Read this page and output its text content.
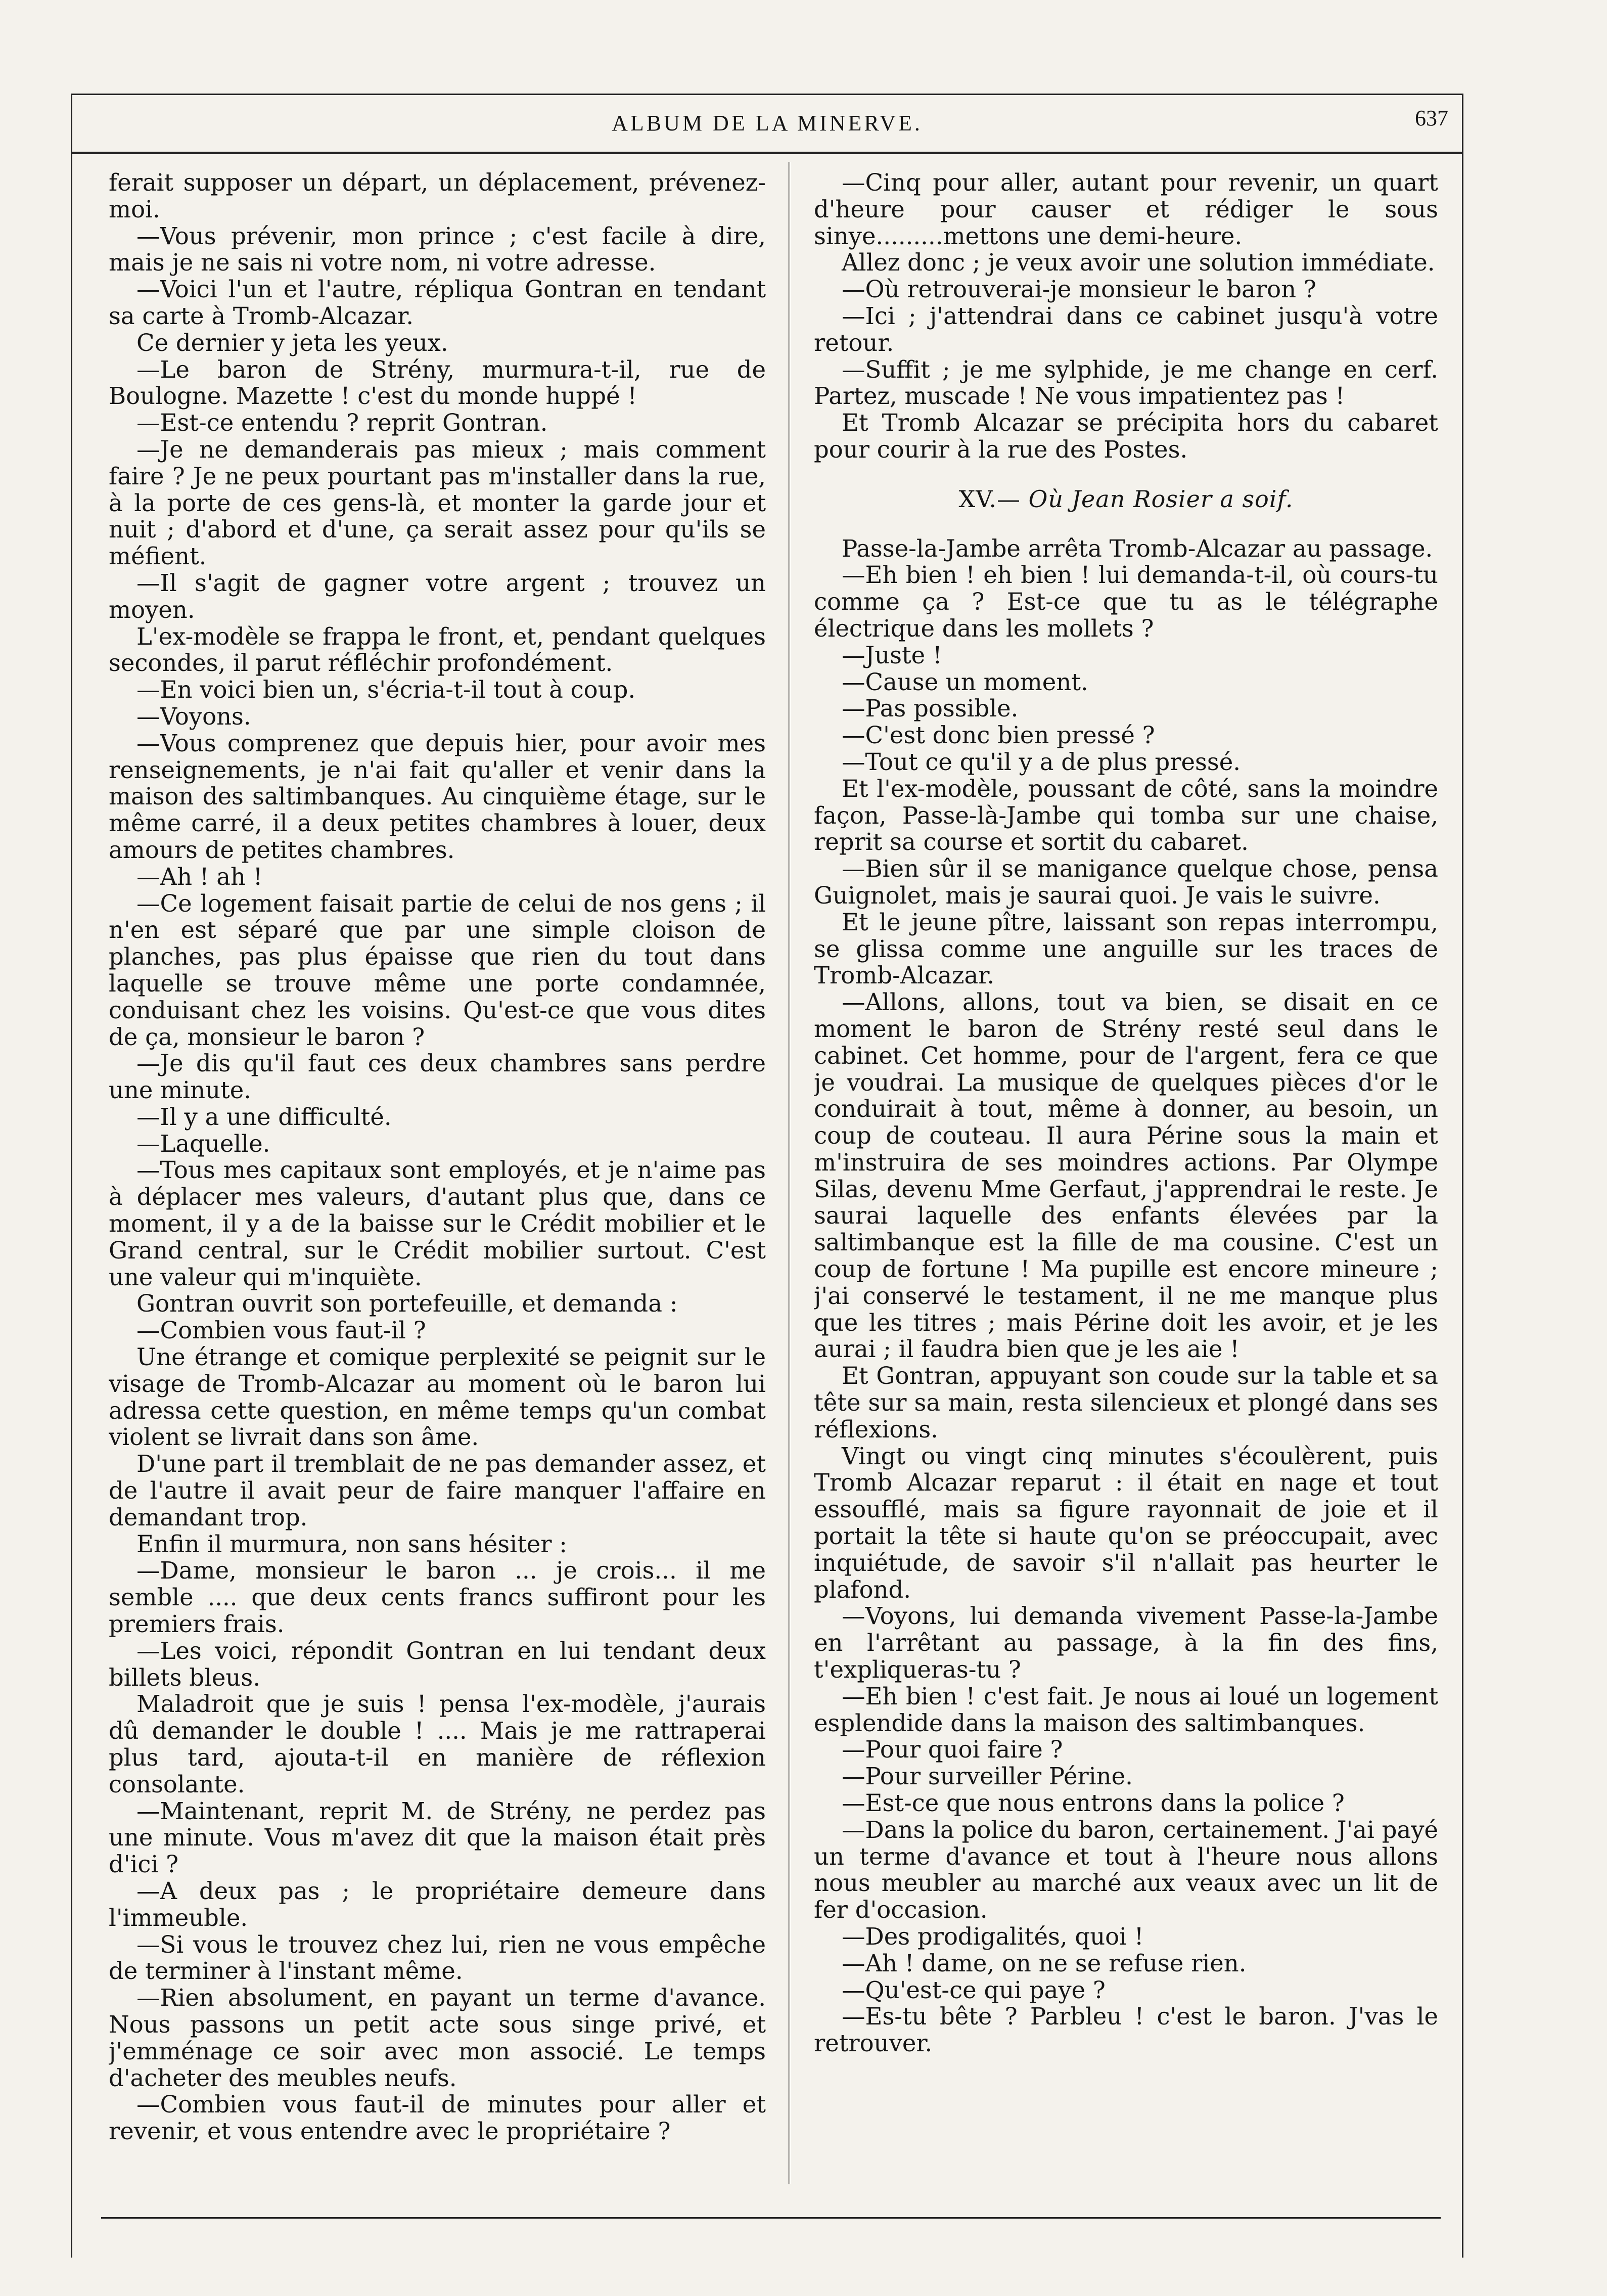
ALBUM DE LA MINERVE.	637

ferait supposer un départ, un déplacement, prévenez-moi.

—Vous prévenir, mon prince ; c'est facile à dire, mais je ne sais ni votre nom, ni votre adresse.

—Voici l'un et l'autre, répliqua Gontran en tendant sa carte à Tromb-Alcazar.

Ce dernier y jeta les yeux.

—Le baron de Strény, murmura-t-il, rue de Boulogne. Mazette ! c'est du monde huppé !

—Est-ce entendu ? reprit Gontran.

—Je ne demanderais pas mieux ; mais comment faire ? Je ne peux pourtant pas m'installer dans la rue, à la porte de ces gens-là, et monter la garde jour et nuit ; d'abord et d'une, ça serait assez pour qu'ils se méfient.

—Il s'agit de gagner votre argent ; trouvez un moyen.

L'ex-modèle se frappa le front, et, pendant quelques secondes, il parut réfléchir profondément.

—En voici bien un, s'écria-t-il tout à coup.

—Voyons.

—Vous comprenez que depuis hier, pour avoir mes renseignements, je n'ai fait qu'aller et venir dans la maison des saltimbanques. Au cinquième étage, sur le même carré, il a deux petites chambres à louer, deux amours de petites chambres.

—Ah ! ah !

—Ce logement faisait partie de celui de nos gens ; il n'en est séparé que par une simple cloison de planches, pas plus épaisse que rien du tout dans laquelle se trouve même une porte condamnée, conduisant chez les voisins. Qu'est-ce que vous dites de ça, monsieur le baron ?

—Je dis qu'il faut ces deux chambres sans perdre une minute.

—Il y a une difficulté.

—Laquelle.

—Tous mes capitaux sont employés, et je n'aime pas à déplacer mes valeurs, d'autant plus que, dans ce moment, il y a de la baisse sur le Crédit mobilier et le Grand central, sur le Crédit mobilier surtout. C'est une valeur qui m'inquiète.

Gontran ouvrit son portefeuille, et demanda :

—Combien vous faut-il ?

Une étrange et comique perplexité se peignit sur le visage de Tromb-Alcazar au moment où le baron lui adressa cette question, en même temps qu'un combat violent se livrait dans son âme.

D'une part il tremblait de ne pas demander assez, et de l'autre il avait peur de faire manquer l'affaire en demandant trop.

Enfin il murmura, non sans hésiter :

—Dame, monsieur le baron ... je crois... il me semble .... que deux cents francs suffiront pour les premiers frais.

—Les voici, répondit Gontran en lui tendant deux billets bleus.

Maladroit que je suis ! pensa l'ex-modèle, j'aurais dû demander le double ! .... Mais je me rattraperai plus tard, ajouta-t-il en manière de réflexion consolante.

—Maintenant, reprit M. de Strény, ne perdez pas une minute. Vous m'avez dit que la maison était près d'ici ?

—A deux pas ; le propriétaire demeure dans l'immeuble.

—Si vous le trouvez chez lui, rien ne vous empêche de terminer à l'instant même.

—Rien absolument, en payant un terme d'avance. Nous passons un petit acte sous singe privé, et j'emménage ce soir avec mon associé. Le temps d'acheter des meubles neufs.

—Combien vous faut-il de minutes pour aller et revenir, et vous entendre avec le propriétaire ?

—Cinq pour aller, autant pour revenir, un quart d'heure pour causer et rédiger le sous sinye.........mettons une demi-heure.

Allez donc ; je veux avoir une solution immédiate.

—Où retrouverai-je monsieur le baron ?

—Ici ; j'attendrai dans ce cabinet jusqu'à votre retour.

—Suffit ; je me sylphide, je me change en cerf. Partez, muscade ! Ne vous impatientez pas !

Et Tromb Alcazar se précipita hors du cabaret pour courir à la rue des Postes.

XV.— Où Jean Rosier a soif.

Passe-la-Jambe arrêta Tromb-Alcazar au passage.

—Eh bien ! eh bien ! lui demanda-t-il, où cours-tu comme ça ? Est-ce que tu as le télégraphe électrique dans les mollets ?

—Juste !

—Cause un moment.

—Pas possible.

—C'est donc bien pressé ?

—Tout ce qu'il y a de plus pressé.

Et l'ex-modèle, poussant de côté, sans la moindre façon, Passe-là-Jambe qui tomba sur une chaise, reprit sa course et sortit du cabaret.

—Bien sûr il se manigance quelque chose, pensa Guignolet, mais je saurai quoi. Je vais le suivre.

Et le jeune pître, laissant son repas interrompu, se glissa comme une anguille sur les traces de Tromb-Alcazar.

—Allons, allons, tout va bien, se disait en ce moment le baron de Strény resté seul dans le cabinet. Cet homme, pour de l'argent, fera ce que je voudrai. La musique de quelques pièces d'or le conduirait à tout, même à donner, au besoin, un coup de couteau. Il aura Périne sous la main et m'instruira de ses moindres actions. Par Olympe Silas, devenu Mme Gerfaut, j'apprendrai le reste. Je saurai laquelle des enfants élevées par la saltimbanque est la fille de ma cousine. C'est un coup de fortune ! Ma pupille est encore mineure ; j'ai conservé le testament, il ne me manque plus que les titres ; mais Périne doit les avoir, et je les aurai ; il faudra bien que je les aie !

Et Gontran, appuyant son coude sur la table et sa tête sur sa main, resta silencieux et plongé dans ses réflexions.

Vingt ou vingt cinq minutes s'écoulèrent, puis Tromb Alcazar reparut : il était en nage et tout essoufflé, mais sa figure rayonnait de joie et il portait la tête si haute qu'on se préoccupait, avec inquiétude, de savoir s'il n'allait pas heurter le plafond.

—Voyons, lui demanda vivement Passe-la-Jambe en l'arrêtant au passage, à la fin des fins, t'expliqueras-tu ?

—Eh bien ! c'est fait. Je nous ai loué un logement esplendide dans la maison des saltimbanques.

—Pour quoi faire ?

—Pour surveiller Périne.

—Est-ce que nous entrons dans la police ?

—Dans la police du baron, certainement. J'ai payé un terme d'avance et tout à l'heure nous allons nous meubler au marché aux veaux avec un lit de fer d'occasion.

—Des prodigalités, quoi !

—Ah ! dame, on ne se refuse rien.

—Qu'est-ce qui paye ?

—Es-tu bête ? Parbleu ! c'est le baron. J'vas le retrouver.
